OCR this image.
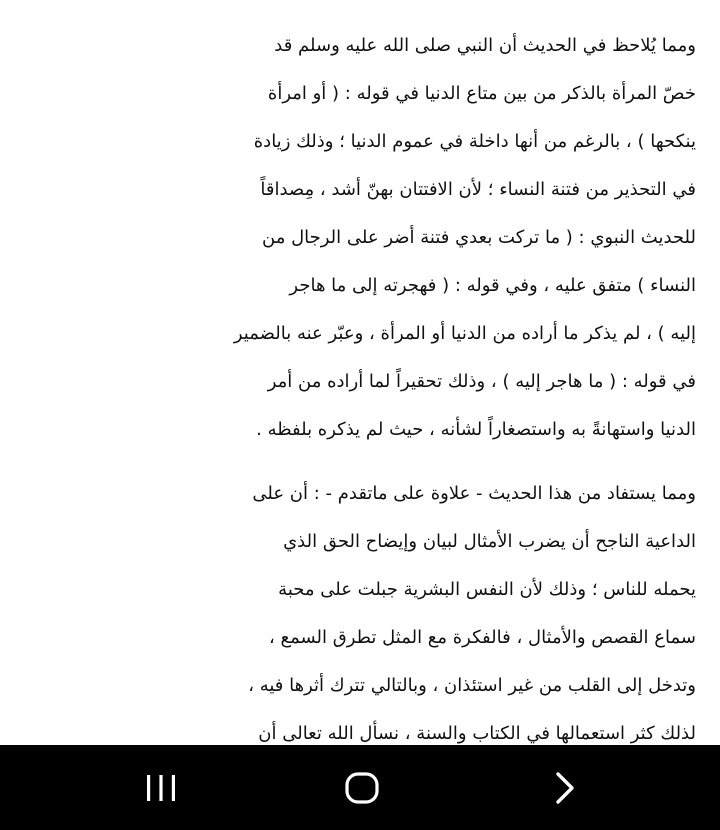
ومما يُلاحظ في الحديث أن النبي صلى الله عليه وسلم قد
خصّ المرأة بالذكر من بين متاع الدنيا في قوله : ( أو امرأة
ينكحها ) ، بالرغم من أنها داخلة في عموم الدنيا ؛ وذلك زيادة
في التحذير من فتنة النساء ؛ لأن الافتتان بهنّ أشد ، مِصداقاً
للحديث النبوي : ( ما تركت بعدي فتنة أضر على الرجال من
النساء ) متفق عليه ، وفي قوله : ( فهجرته إلى ما هاجر
إليه ) ، لم يذكر ما أراده من الدنيا أو المرأة ، وعبّر عنه بالضمير
في قوله : ( ما هاجر إليه ) ، وذلك تحقيراً لما أراده من أمر
الدنيا واستهانةً به واستصغاراً لشأنه ، حيث لم يذكره بلفظه .
ومما يستفاد من هذا الحديث - علاوة على ماتقدم - : أن على
الداعية الناجح أن يضرب الأمثال لبيان وإيضاح الحق الذي
يحمله للناس ؛ وذلك لأن النفس البشرية جبلت على محبة
سماع القصص والأمثال ، فالفكرة مع المثل تطرق السمع ،
وتدخل إلى القلب من غير استئذان ، وبالتالي تترك أثرها فيه ،
لذلك كثر استعمالها في الكتاب والسنة ، نسأل الله تعالى أن
